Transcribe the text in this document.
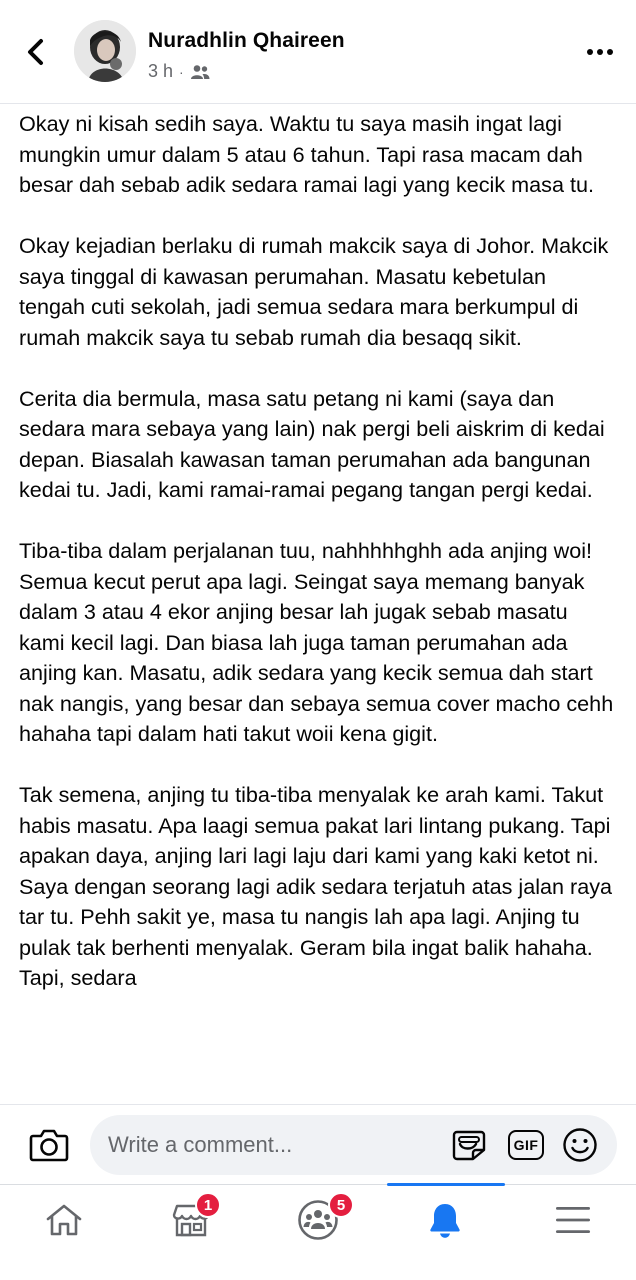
Nuradhlin Qhaireen
3 h ·

Okay ni kisah sedih saya. Waktu tu saya masih ingat lagi mungkin umur dalam 5 atau 6 tahun. Tapi rasa macam dah besar dah sebab adik sedara ramai lagi yang kecik masa tu.

Okay kejadian berlaku di rumah makcik saya di Johor. Makcik saya tinggal di kawasan perumahan. Masatu kebetulan tengah cuti sekolah, jadi semua sedara mara berkumpul di rumah makcik saya tu sebab rumah dia besaqq sikit.

Cerita dia bermula, masa satu petang ni kami (saya dan sedara mara sebaya yang lain) nak pergi beli aiskrim di kedai depan. Biasalah kawasan taman perumahan ada bangunan kedai tu. Jadi, kami ramai-ramai pegang tangan pergi kedai.

Tiba-tiba dalam perjalanan tuu, nahhhhhghh ada anjing woi! Semua kecut perut apa lagi. Seingat saya memang banyak dalam 3 atau 4 ekor anjing besar lah jugak sebab masatu kami kecil lagi. Dan biasa lah juga taman perumahan ada anjing kan. Masatu, adik sedara yang kecik semua dah start nak nangis, yang besar dan sebaya semua cover macho cehh hahaha tapi dalam hati takut woii kena gigit.

Tak semena, anjing tu tiba-tiba menyalak ke arah kami. Takut habis masatu. Apa laagi semua pakat lari lintang pukang. Tapi apakan daya, anjing lari lagi laju dari kami yang kaki ketot ni. Saya dengan seorang lagi adik sedara terjatuh atas jalan raya tar tu. Pehh sakit ye, masa tu nangis lah apa lagi. Anjing tu pulak tak berhenti menyalak. Geram bila ingat balik hahaha. Tapi, sedara

Write a comment...	GIF
1	5
